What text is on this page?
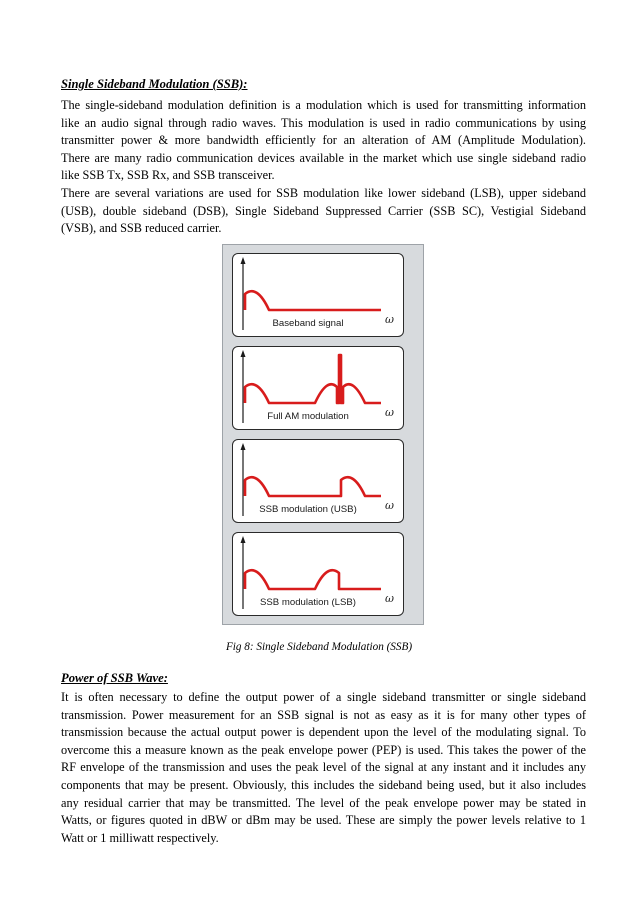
Single Sideband Modulation (SSB):
The single-sideband modulation definition is a modulation which is used for transmitting information
like an audio signal through radio waves. This modulation is used in radio communications by using
transmitter power & more bandwidth efficiently for an alteration of AM (Amplitude Modulation).
There are many radio communication devices available in the market which use single sideband radio
like SSB Tx, SSB Rx, and SSB transceiver.
There are several variations are used for SSB modulation like lower sideband (LSB), upper sideband
(USB), double sideband (DSB), Single Sideband Suppressed Carrier (SSB SC), Vestigial Sideband
(VSB), and SSB reduced carrier.
Baseband signal	ω
Full AM modulation	ω
SSB modulation (USB)	ω
SSB modulation (LSB)	ω

Fig 8: Single Sideband Modulation (SSB)

Power of SSB Wave:
It is often necessary to define the output power of a single sideband transmitter or single sideband
transmission. Power measurement for an SSB signal is not as easy as it is for many other types of
transmission because the actual output power is dependent upon the level of the modulating signal. To
overcome this a measure known as the peak envelope power (PEP) is used. This takes the power of the
RF envelope of the transmission and uses the peak level of the signal at any instant and it includes any
components that may be present. Obviously, this includes the sideband being used, but it also includes
any residual carrier that may be transmitted. The level of the peak envelope power may be stated in
Watts, or figures quoted in dBW or dBm may be used. These are simply the power levels relative to 1
Watt or 1 milliwatt respectively.
